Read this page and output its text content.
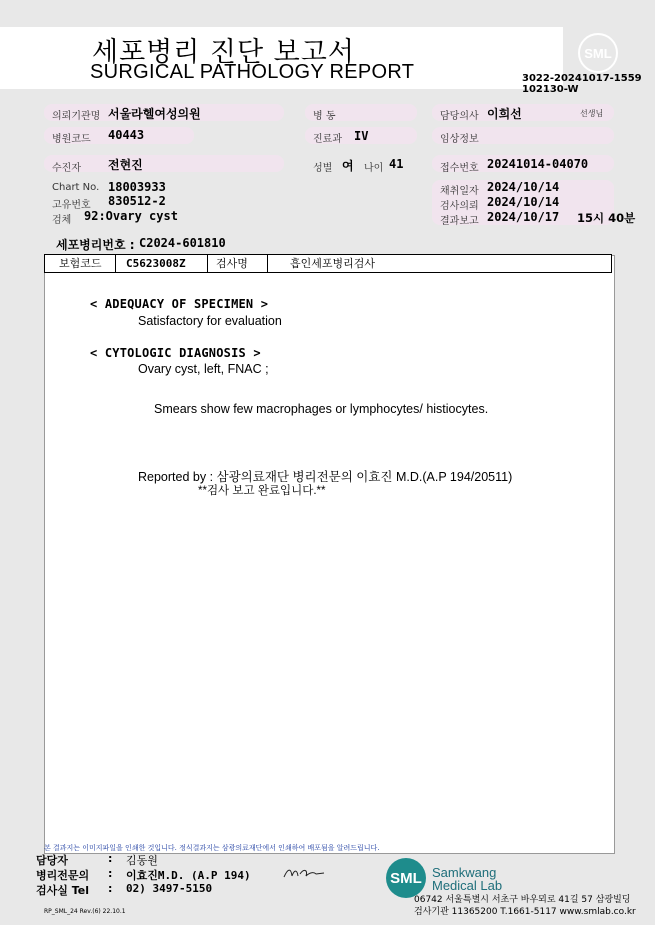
세포병리 진단 보고서
SURGICAL PATHOLOGY REPORT
SML
3022-20241017-1559
102130-W
의뢰기관명 서울라헬여성의원	병 동	담당의사 이희선	선생님
병원코드 40443	진료과 IV	임상정보
수진자 전현진	성별 여 나이 41	접수번호 20241014-04070
Chart No. 18003933
고유번호 830512-2
검체 92:Ovary cyst
채취일자 2024/10/14
검사의뢰 2024/10/14
결과보고 2024/10/17 15시 40분
세포병리번호 : C2024-601810
보험코드 C5623008Z	검사명	흡인세포병리검사
< ADEQUACY OF SPECIMEN >
Satisfactory for evaluation
< CYTOLOGIC DIAGNOSIS >
Ovary cyst, left, FNAC ;
Smears show few macrophages or lymphocytes/ histiocytes.
Reported by : 삼광의료재단 병리전문의 이효진 M.D.(A.P 194/20511)
**검사 보고 완료입니다.**
본 결과지는 이미지파일을 인쇄한 것입니다. 정식결과지는 삼광의료재단에서 인쇄하여 배포됨을 알려드립니다.
담당자	: 김동원
병리전문의 : 이효진M.D. (A.P 194)
검사실 Tel : 02) 3497-5150
SML Samkwang
Medical Lab
06742 서울특별시 서초구 바우뫼로 41길 57 삼광빌딩
검사기관 11365200 T.1661-5117 www.smlab.co.kr
RP_SML_24 Rev.(6) 22.10.1
